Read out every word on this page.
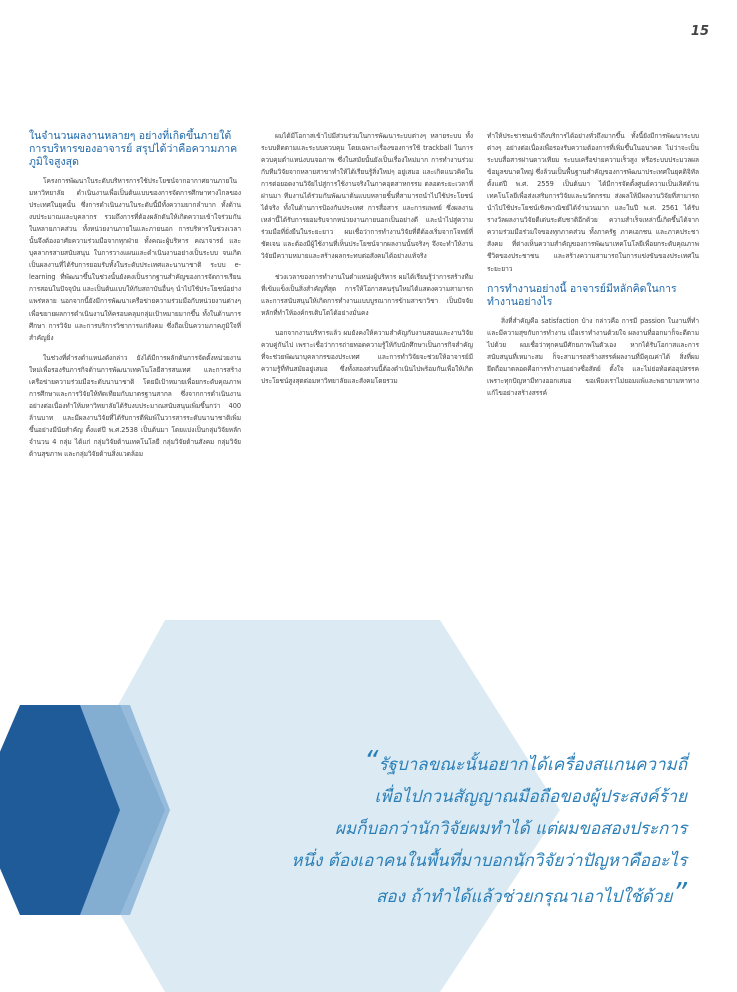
15
ในจำนวนผลงานหลายๆ อย่างที่เกิดขึ้นภายใต้การบริหารของอาจารย์ สรุปได้ว่าคือความภาคภูมิใจสูงสุด

โครงการพัฒนาในระดับบริหารการใช้ประโยชน์จากอากาศยานภายในมหาวิทยาลัย ดำเนินงานเพื่อเป็นต้นแบบของการจัดการศึกษาทางไกลของประเทศในยุคนั้น ซึ่งการดำเนินงานในระดับนี้มีทั้งความยากลำบาก ทั้งด้านงบประมาณและบุคลากร รวมถึงการที่ต้องผลักดันให้เกิดความเข้าใจร่วมกันในหลายภาคส่วน ทั้งหน่วยงานภายในและภายนอก การบริหารในช่วงเวลานั้นจึงต้องอาศัยความร่วมมือจากทุกฝ่าย ทั้งคณะผู้บริหาร คณาจารย์ และบุคลากรสายสนับสนุน ในการวางแผนและดำเนินงานอย่างเป็นระบบ จนเกิดเป็นผลงานที่ได้รับการยอมรับทั้งในระดับประเทศและนานาชาติ ระบบ e-learning ที่พัฒนาขึ้นในช่วงนั้นยังคงเป็นรากฐานสำคัญของการจัดการเรียนการสอนในปัจจุบัน และเป็นต้นแบบให้กับสถาบันอื่นๆ นำไปใช้ประโยชน์อย่างแพร่หลาย นอกจากนี้ยังมีการพัฒนาเครือข่ายความร่วมมือกับหน่วยงานต่างๆ เพื่อขยายผลการดำเนินงานให้ครอบคลุมกลุ่มเป้าหมายมากขึ้น ทั้งในด้านการศึกษา การวิจัย และการบริการวิชาการแก่สังคม ซึ่งถือเป็นความภาคภูมิใจที่สำคัญยิ่ง

ในช่วงที่ดำรงตำแหน่งดังกล่าว ยังได้มีการผลักดันการจัดตั้งหน่วยงานใหม่เพื่อรองรับภารกิจด้านการพัฒนาเทคโนโลยีสารสนเทศ และการสร้างเครือข่ายความร่วมมือระดับนานาชาติ โดยมีเป้าหมายเพื่อยกระดับคุณภาพการศึกษาและการวิจัยให้ทัดเทียมกับมาตรฐานสากล ซึ่งจากการดำเนินงานอย่างต่อเนื่องทำให้มหาวิทยาลัยได้รับงบประมาณสนับสนุนเพิ่มขึ้นกว่า 400 ล้านบาท และมีผลงานวิจัยที่ได้รับการตีพิมพ์ในวารสารระดับนานาชาติเพิ่มขึ้นอย่างมีนัยสำคัญ ตั้งแต่ปี พ.ศ.2538 เป็นต้นมา โดยแบ่งเป็นกลุ่มวิจัยหลักจำนวน 4 กลุ่ม ได้แก่ กลุ่มวิจัยด้านเทคโนโลยี กลุ่มวิจัยด้านสังคม กลุ่มวิจัยด้านสุขภาพ และกลุ่มวิจัยด้านสิ่งแวดล้อม

ผมได้มีโอกาสเข้าไปมีส่วนร่วมในการพัฒนาระบบต่างๆ หลายระบบ ทั้งระบบติดตามและระบบควบคุม โดยเฉพาะเรื่องของการใช้ trackball ในการควบคุมตำแหน่งบนจอภาพ ซึ่งในสมัยนั้นยังเป็นเรื่องใหม่มาก การทำงานร่วมกับทีมวิจัยจากหลายสาขาทำให้ได้เรียนรู้สิ่งใหม่ๆ อยู่เสมอ และเกิดแนวคิดในการต่อยอดงานวิจัยไปสู่การใช้งานจริงในภาคอุตสาหกรรม ตลอดระยะเวลาที่ผ่านมา ทีมงานได้ร่วมกันพัฒนาต้นแบบหลายชิ้นที่สามารถนำไปใช้ประโยชน์ได้จริง ทั้งในด้านการป้องกันประเทศ การสื่อสาร และการแพทย์ ซึ่งผลงานเหล่านี้ได้รับการยอมรับจากหน่วยงานภายนอกเป็นอย่างดี และนำไปสู่ความร่วมมือที่ยั่งยืนในระยะยาว ผมเชื่อว่าการทำงานวิจัยที่ดีต้องเริ่มจากโจทย์ที่ชัดเจน และต้องมีผู้ใช้งานที่เห็นประโยชน์จากผลงานนั้นจริงๆ จึงจะทำให้งานวิจัยมีความหมายและสร้างผลกระทบต่อสังคมได้อย่างแท้จริง

ช่วงเวลาของการทำงานในตำแหน่งผู้บริหาร ผมได้เรียนรู้ว่าการสร้างทีมที่เข้มแข็งเป็นสิ่งสำคัญที่สุด การให้โอกาสคนรุ่นใหม่ได้แสดงความสามารถ และการสนับสนุนให้เกิดการทำงานแบบบูรณาการข้ามสาขาวิชา เป็นปัจจัยหลักที่ทำให้องค์กรเติบโตได้อย่างมั่นคง

นอกจากงานบริหารแล้ว ผมยังคงให้ความสำคัญกับงานสอนและงานวิจัยควบคู่กันไป เพราะเชื่อว่าการถ่ายทอดความรู้ให้กับนักศึกษาเป็นภารกิจสำคัญที่จะช่วยพัฒนาบุคลากรของประเทศ และการทำวิจัยจะช่วยให้อาจารย์มีความรู้ที่ทันสมัยอยู่เสมอ ซึ่งทั้งสองส่วนนี้ต้องดำเนินไปพร้อมกันเพื่อให้เกิดประโยชน์สูงสุดต่อมหาวิทยาลัยและสังคมโดยรวม

ทำให้ประชาชนเข้าถึงบริการได้อย่างทั่วถึงมากขึ้น ทั้งนี้ยังมีการพัฒนาระบบต่างๆ อย่างต่อเนื่องเพื่อรองรับความต้องการที่เพิ่มขึ้นในอนาคต ไม่ว่าจะเป็นระบบสื่อสารผ่านดาวเทียม ระบบเครือข่ายความเร็วสูง หรือระบบประมวลผลข้อมูลขนาดใหญ่ ซึ่งล้วนเป็นพื้นฐานสำคัญของการพัฒนาประเทศในยุคดิจิทัล ตั้งแต่ปี พ.ศ. 2559 เป็นต้นมา ได้มีการจัดตั้งศูนย์ความเป็นเลิศด้านเทคโนโลยีเพื่อส่งเสริมการวิจัยและนวัตกรรม ส่งผลให้มีผลงานวิจัยที่สามารถนำไปใช้ประโยชน์เชิงพาณิชย์ได้จำนวนมาก และในปี พ.ศ. 2561 ได้รับรางวัลผลงานวิจัยดีเด่นระดับชาติอีกด้วย ความสำเร็จเหล่านี้เกิดขึ้นได้จากความร่วมมือร่วมใจของทุกภาคส่วน ทั้งภาครัฐ ภาคเอกชน และภาคประชาสังคม ที่ต่างเห็นความสำคัญของการพัฒนาเทคโนโลยีเพื่อยกระดับคุณภาพชีวิตของประชาชน และสร้างความสามารถในการแข่งขันของประเทศในระยะยาว

การทำงานอย่างนี้ อาจารย์มีหลักคิดในการทำงานอย่างไร

สิ่งที่สำคัญคือ satisfaction บ้าง กล่าวคือ การมี passion ในงานที่ทำ และมีความสุขกับการทำงาน เมื่อเราทำงานด้วยใจ ผลงานที่ออกมาก็จะดีตามไปด้วย ผมเชื่อว่าทุกคนมีศักยภาพในตัวเอง หากได้รับโอกาสและการสนับสนุนที่เหมาะสม ก็จะสามารถสร้างสรรค์ผลงานที่มีคุณค่าได้ สิ่งที่ผมยึดถือมาตลอดคือการทำงานอย่างซื่อสัตย์ ตั้งใจ และไม่ย่อท้อต่ออุปสรรค เพราะทุกปัญหามีทางออกเสมอ ขอเพียงเราไม่ยอมแพ้และพยายามหาทางแก้ไขอย่างสร้างสรรค์

“รัฐบาลขณะนั้นอยากได้เครื่องสแกนความถี่
เพื่อไปกวนสัญญาณมือถือของผู้ประสงค์ร้าย
ผมก็บอกว่านักวิจัยผมทำได้ แต่ผมขอสองประการ
หนึ่ง ต้องเอาคนในพื้นที่มาบอกนักวิจัยว่าปัญหาคืออะไร
สอง ถ้าทำได้แล้วช่วยกรุณาเอาไปใช้ด้วย”
